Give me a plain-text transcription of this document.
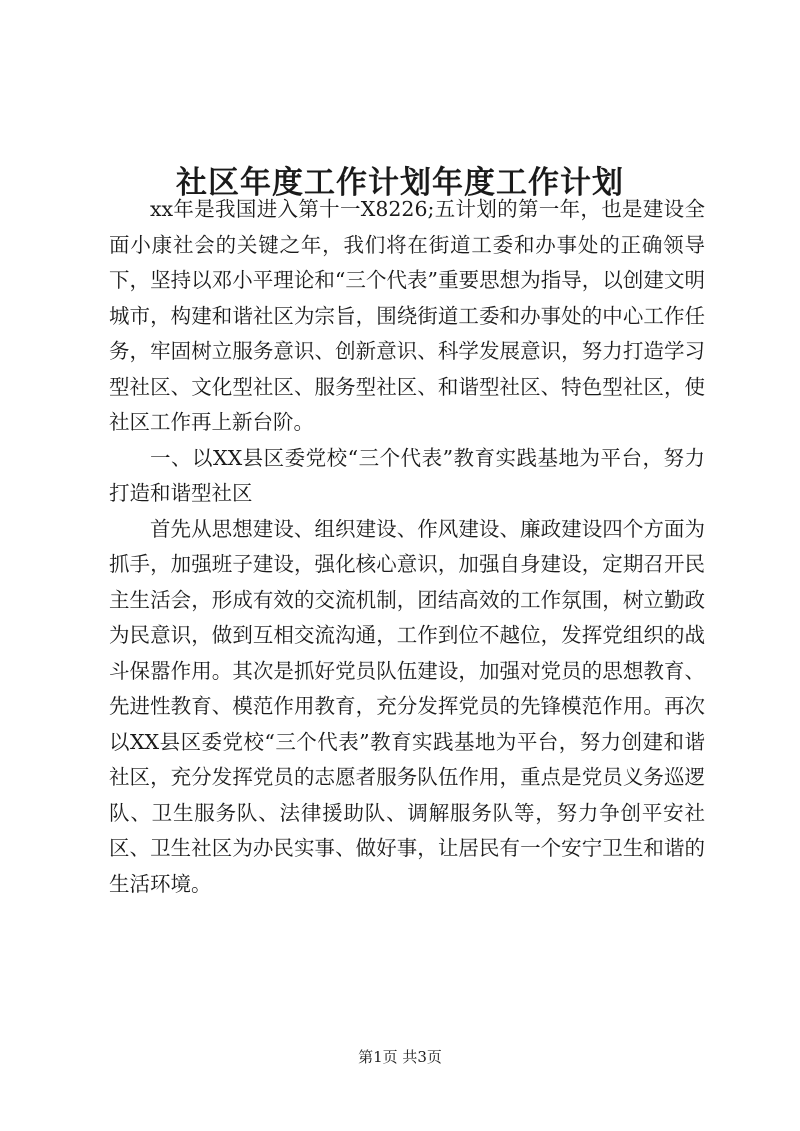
社区年度工作计划年度工作计划

xx年是我国进入第十一X8226;五计划的第一年，也是建设全面小康社会的关键之年，我们将在街道工委和办事处的正确领导下，坚持以邓小平理论和“三个代表”重要思想为指导，以创建文明城市，构建和谐社区为宗旨，围绕街道工委和办事处的中心工作任务，牢固树立服务意识、创新意识、科学发展意识，努力打造学习型社区、文化型社区、服务型社区、和谐型社区、特色型社区，使社区工作再上新台阶。

一、以XX县区委党校“三个代表”教育实践基地为平台，努力打造和谐型社区

首先从思想建设、组织建设、作风建设、廉政建设四个方面为抓手，加强班子建设，强化核心意识，加强自身建设，定期召开民主生活会，形成有效的交流机制，团结高效的工作氛围，树立勤政为民意识，做到互相交流沟通，工作到位不越位，发挥党组织的战斗保嚣作用。其次是抓好党员队伍建设，加强对党员的思想教育、先进性教育、模范作用教育，充分发挥党员的先锋模范作用。再次以XX县区委党校“三个代表”教育实践基地为平台，努力创建和谐社区，充分发挥党员的志愿者服务队伍作用，重点是党员义务巡逻队、卫生服务队、法律援助队、调解服务队等，努力争创平安社区、卫生社区为办民实事、做好事，让居民有一个安宁卫生和谐的生活环境。

第1页 共3页
